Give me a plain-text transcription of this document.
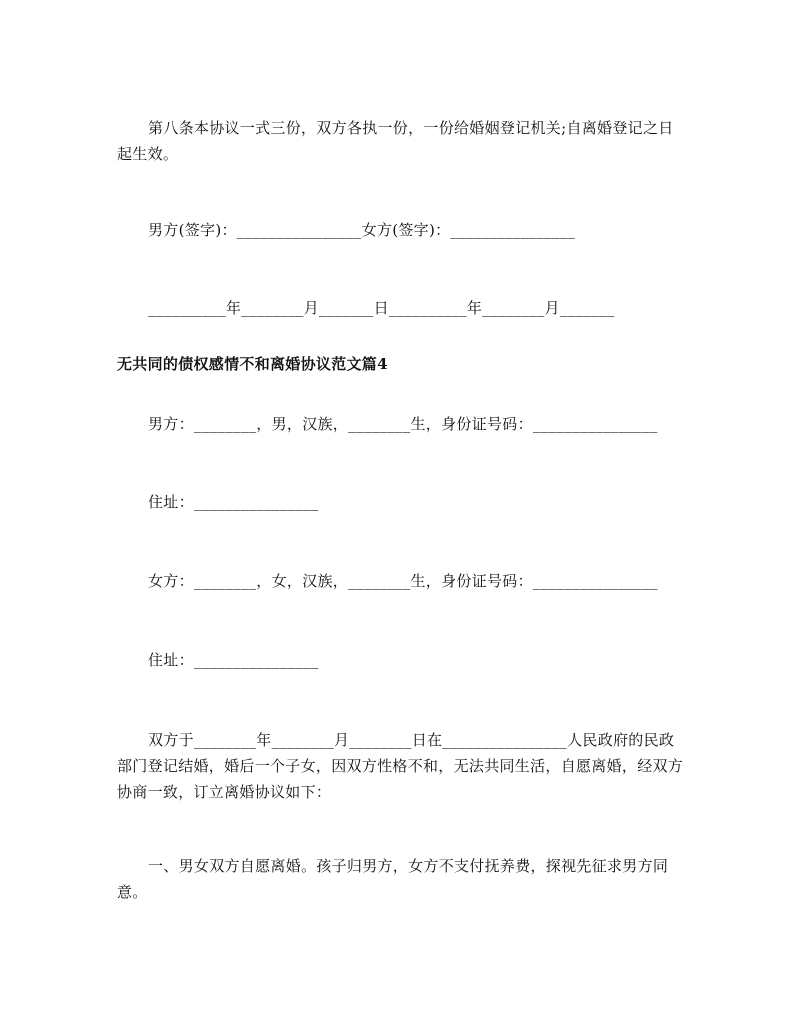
第八条本协议一式三份，双方各执一份，一份给婚姻登记机关;自离婚登记之日起生效。

男方(签字)：________________女方(签字)：________________

__________年________月_______日__________年________月_______

无共同的债权感情不和离婚协议范文篇4

男方：________，男，汉族，________生，身份证号码：________________

住址：________________

女方：________，女，汉族，________生，身份证号码：________________

住址：________________

双方于________年________月________日在________________人民政府的民政部门登记结婚，婚后一个子女，因双方性格不和，无法共同生活，自愿离婚，经双方协商一致，订立离婚协议如下：

一、男女双方自愿离婚。孩子归男方，女方不支付抚养费，探视先征求男方同意。
